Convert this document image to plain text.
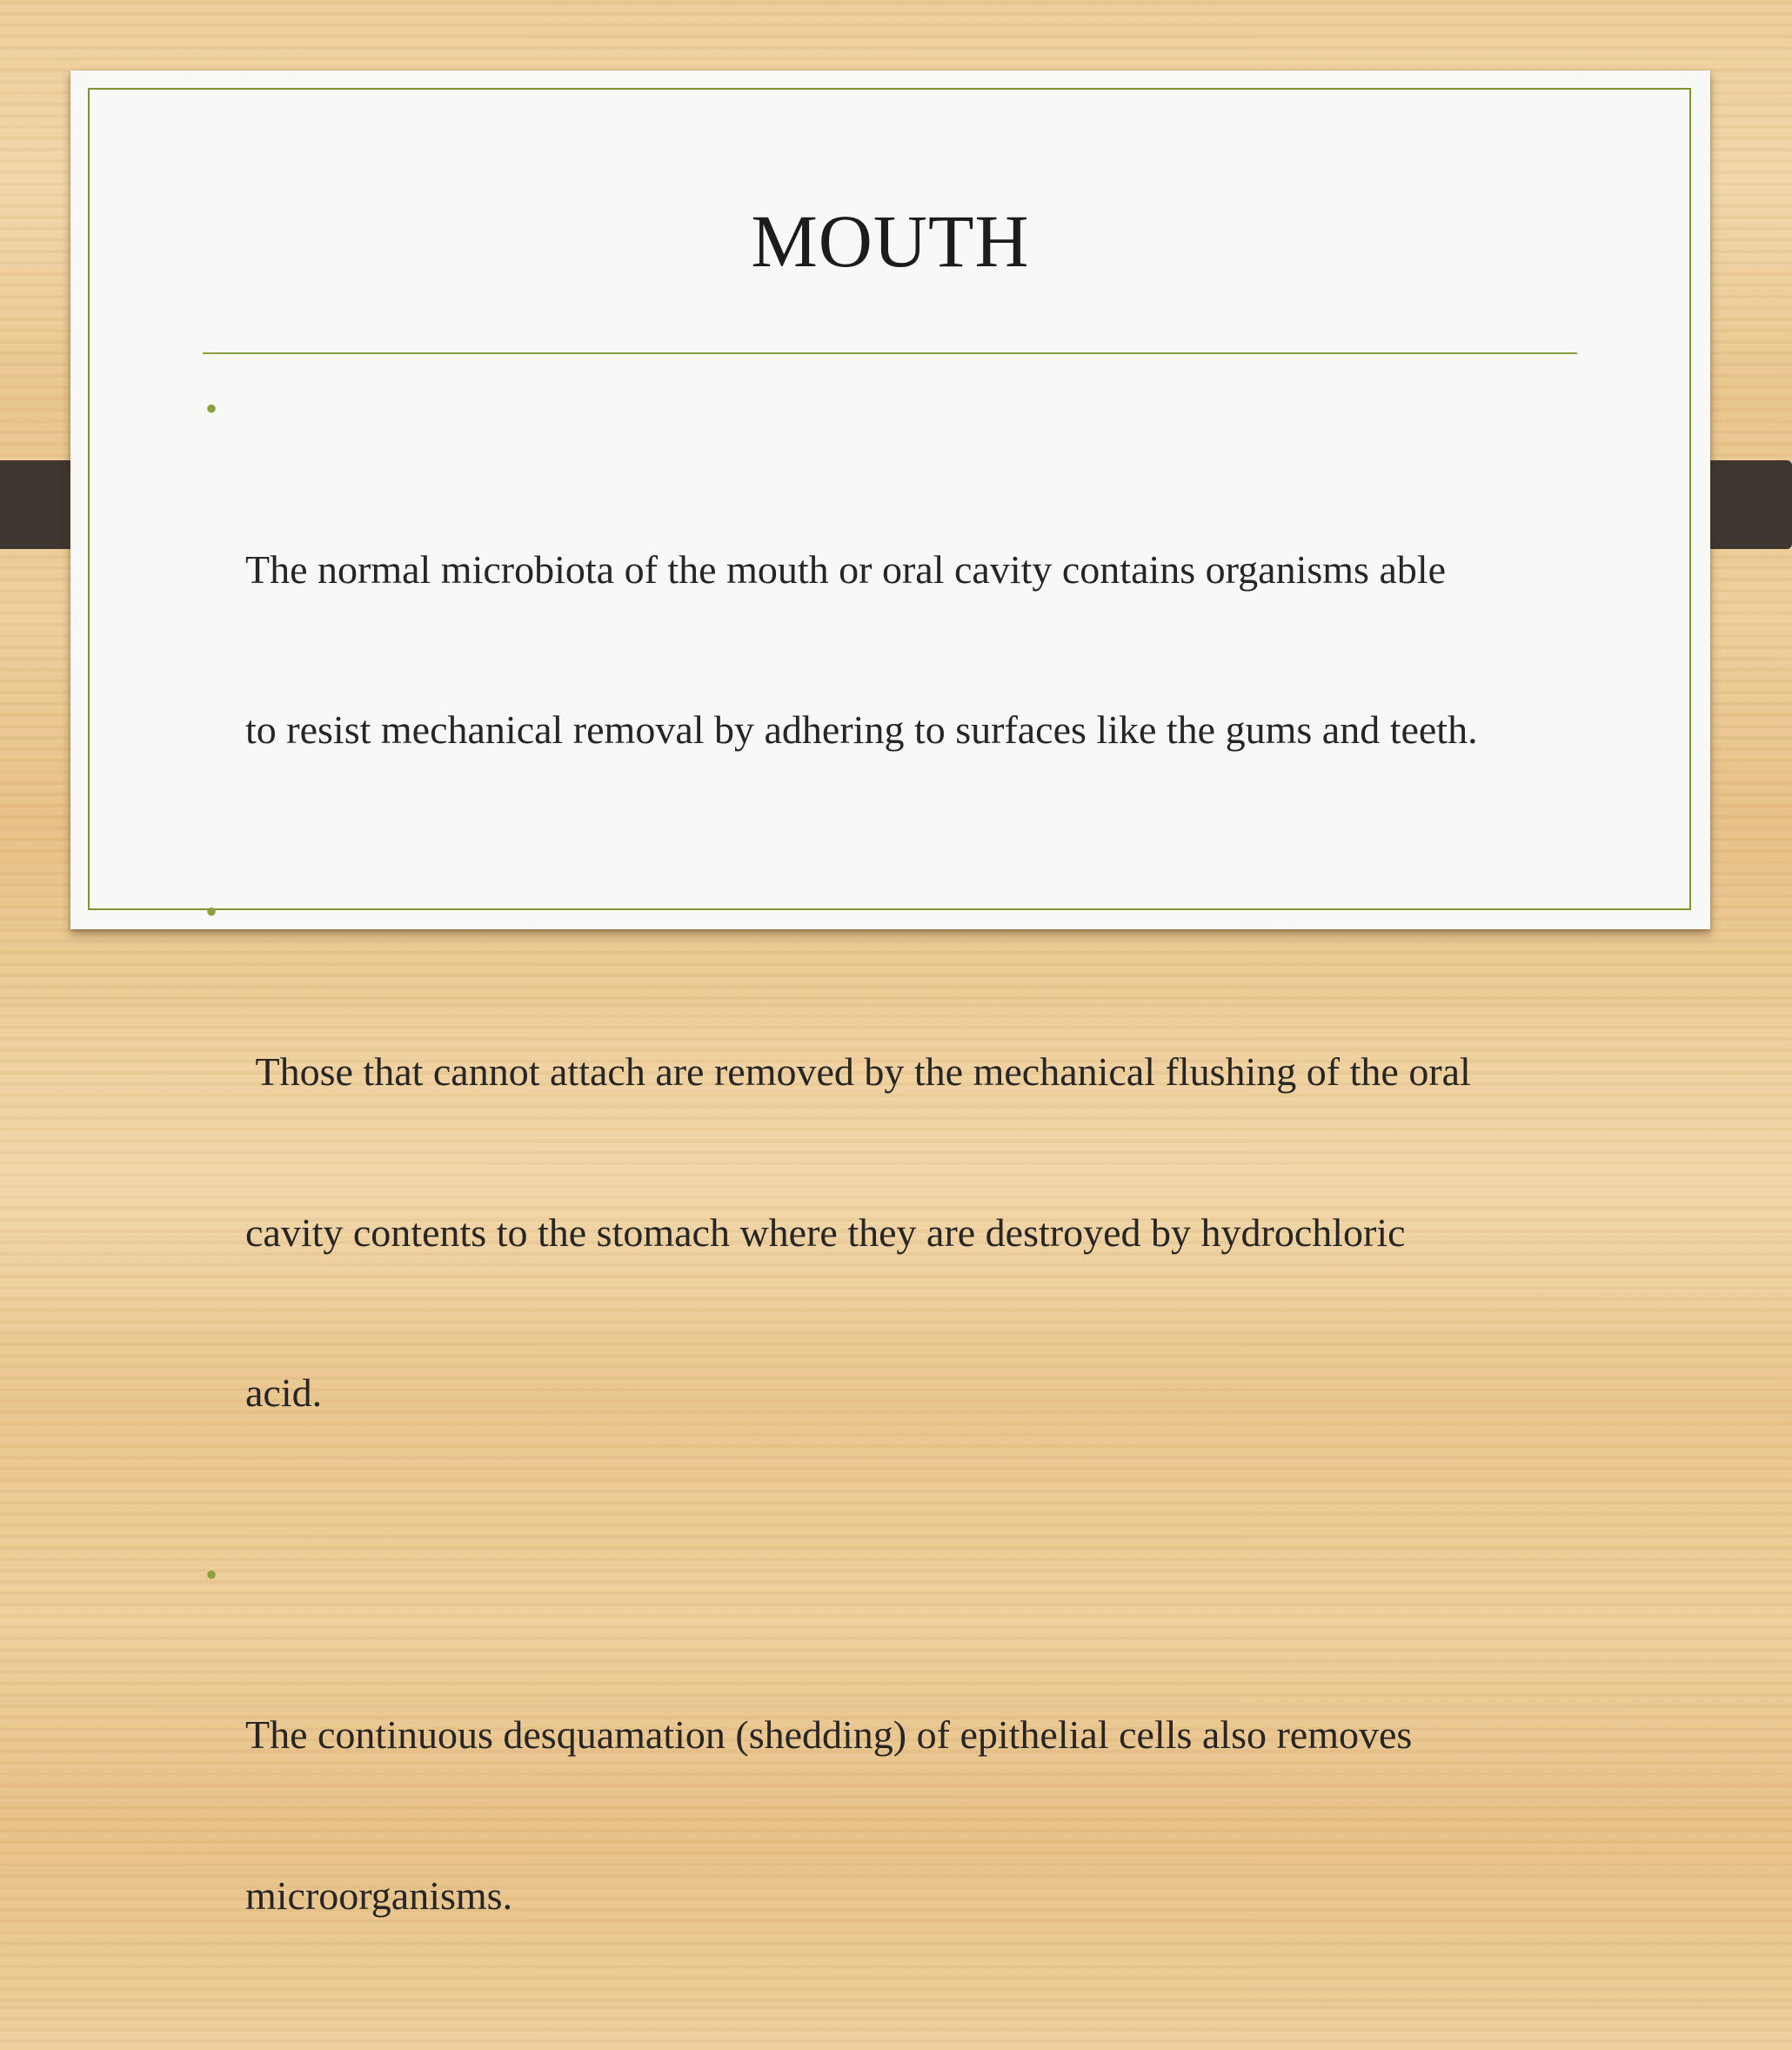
MOUTH

•

The normal microbiota of the mouth or oral cavity contains organisms able

to resist mechanical removal by adhering to surfaces like the gums and teeth.

•

Those that cannot attach are removed by the mechanical flushing of the oral

cavity contents to the stomach where they are destroyed by hydrochloric

acid.

•

The continuous desquamation (shedding) of epithelial cells also removes

microorganisms.
